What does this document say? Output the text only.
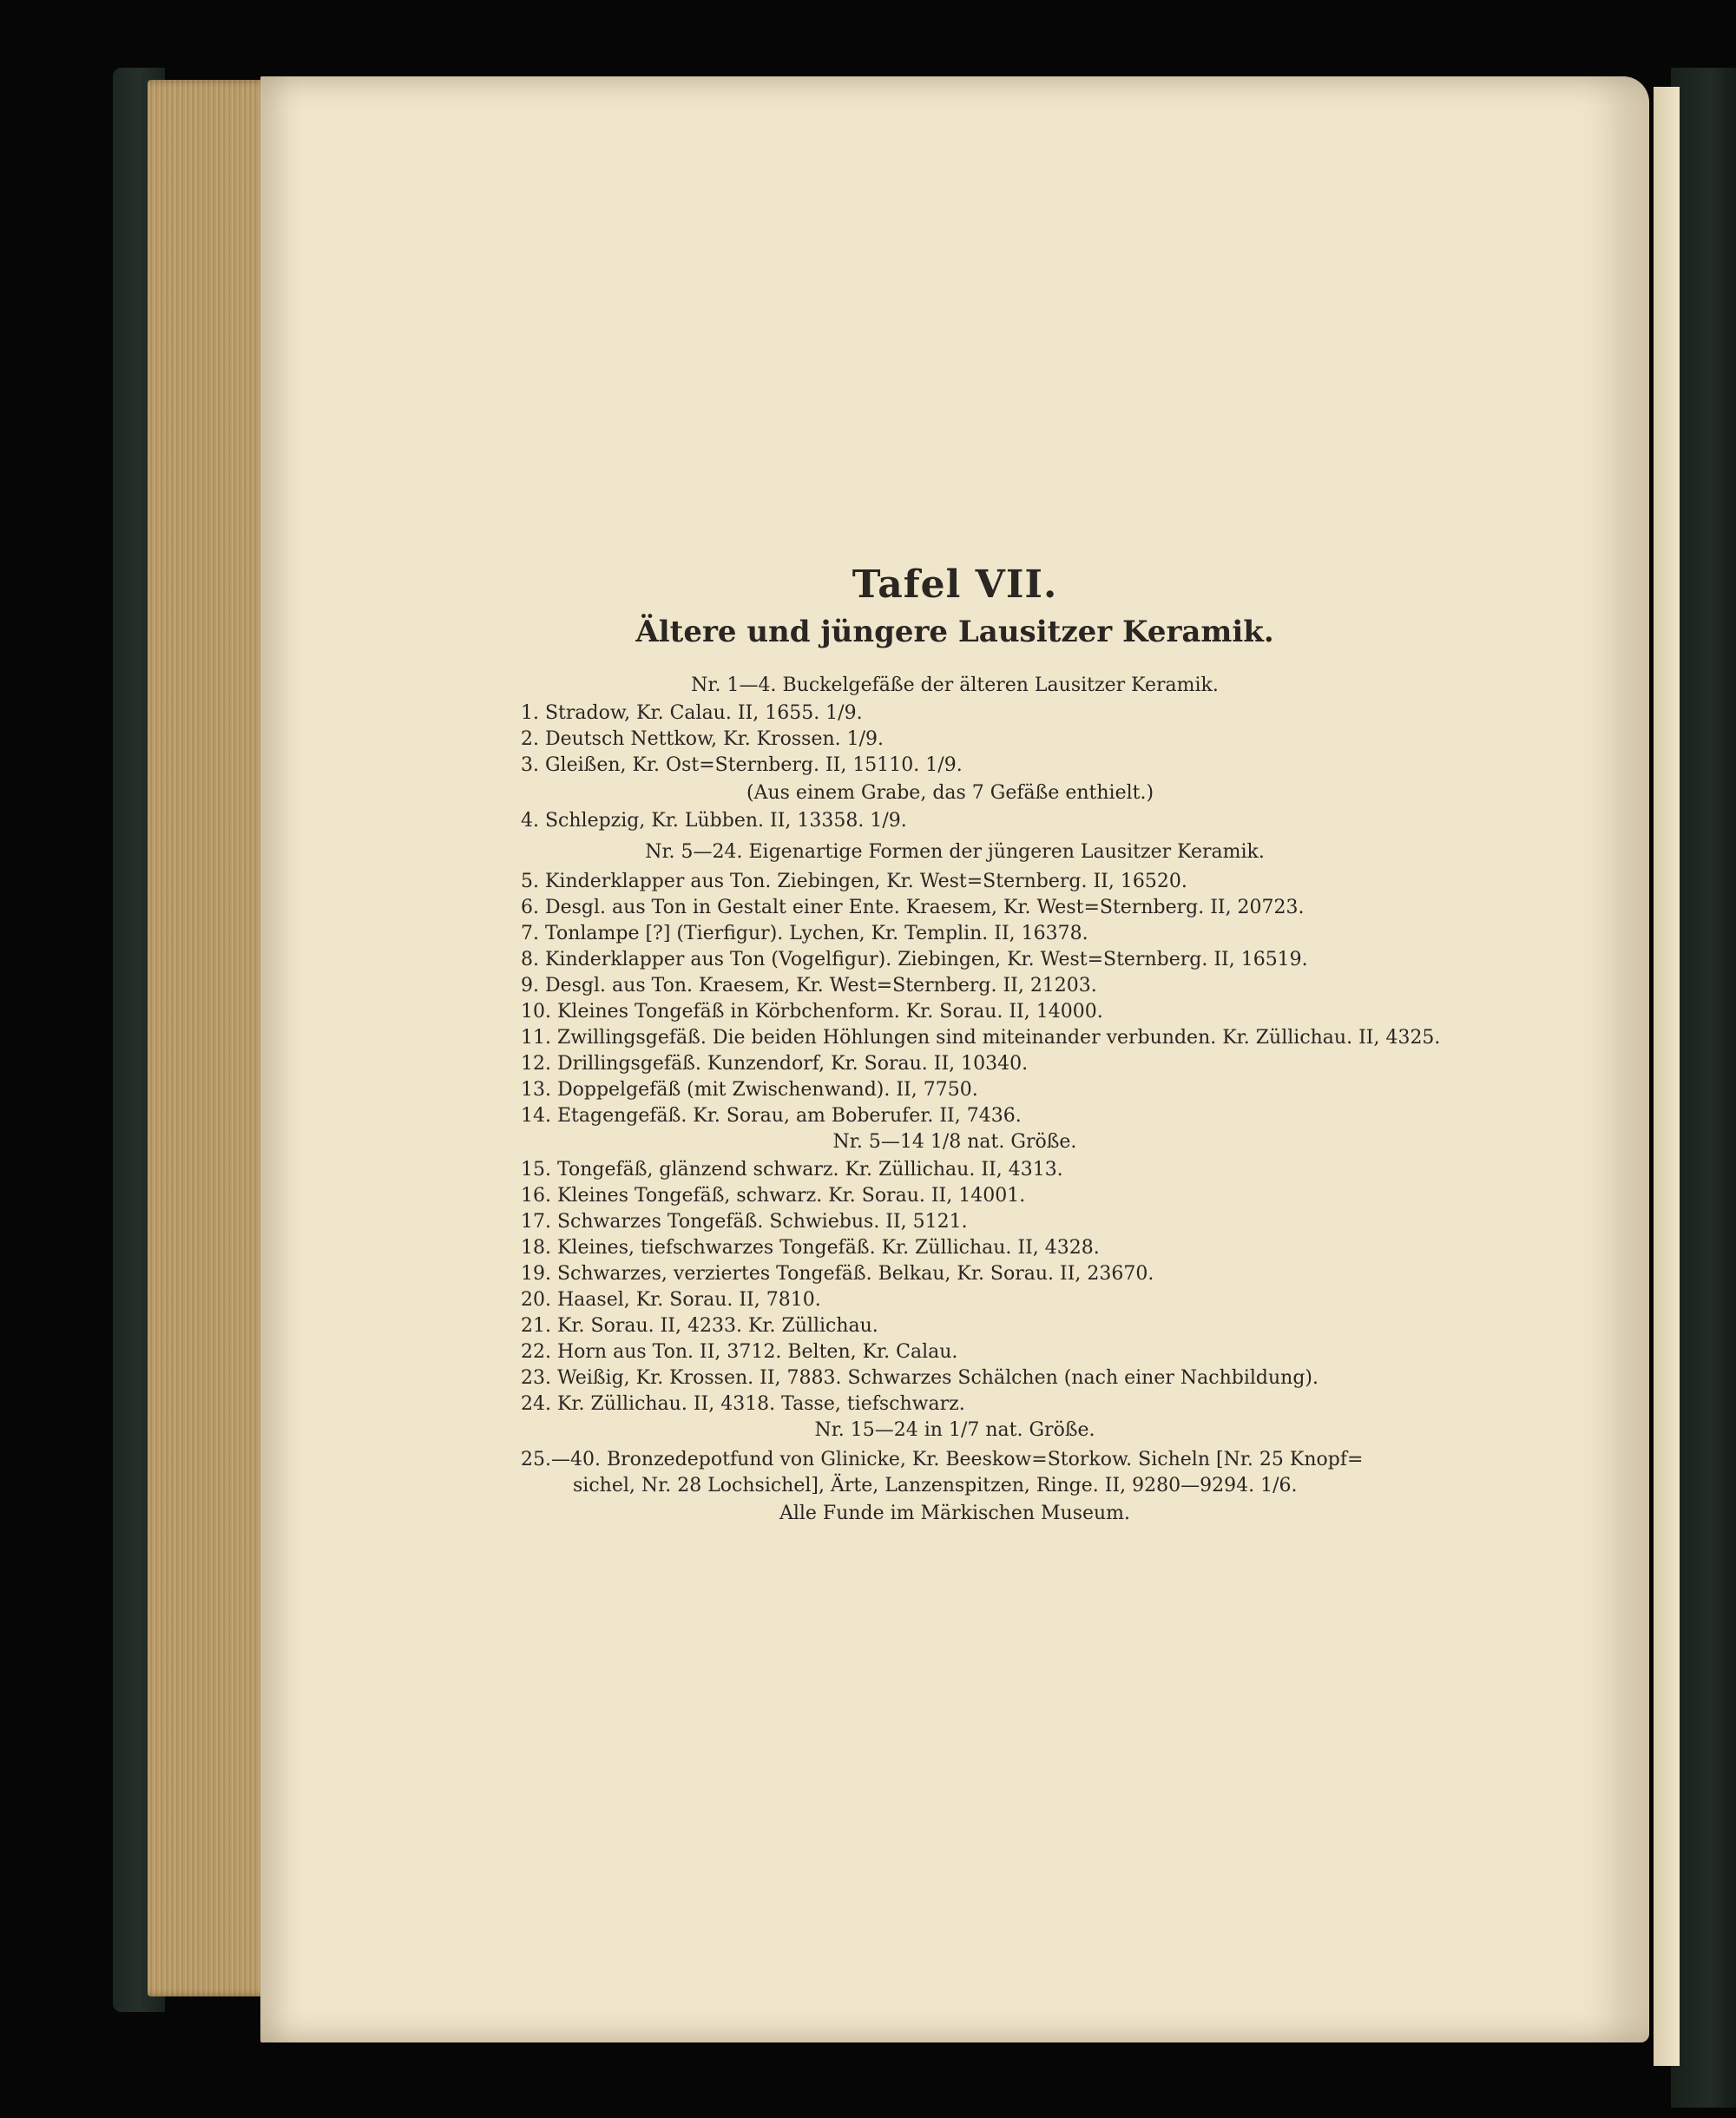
Tafel VII.
Ältere und jüngere Lausitzer Keramik.
Nr. 1—4. Buckelgefäße der älteren Lausitzer Keramik.
1. Stradow, Kr. Calau. II, 1655. 1/9.
2. Deutsch Nettkow, Kr. Krossen. 1/9.
3. Gleißen, Kr. Ost=Sternberg. II, 15110. 1/9.
(Aus einem Grabe, das 7 Gefäße enthielt.)
4. Schlepzig, Kr. Lübben. II, 13358. 1/9.
Nr. 5—24. Eigenartige Formen der jüngeren Lausitzer Keramik.
5. Kinderklapper aus Ton. Ziebingen, Kr. West=Sternberg. II, 16520.
6. Desgl. aus Ton in Gestalt einer Ente. Kraesem, Kr. West=Sternberg. II, 20723.
7. Tonlampe [?] (Tierfigur). Lychen, Kr. Templin. II, 16378.
8. Kinderklapper aus Ton (Vogelfigur). Ziebingen, Kr. West=Sternberg. II, 16519.
9. Desgl. aus Ton. Kraesem, Kr. West=Sternberg. II, 21203.
10. Kleines Tongefäß in Körbchenform. Kr. Sorau. II, 14000.
11. Zwillingsgefäß. Die beiden Höhlungen sind miteinander verbunden. Kr. Züllichau. II, 4325.
12. Drillingsgefäß. Kunzendorf, Kr. Sorau. II, 10340.
13. Doppelgefäß (mit Zwischenwand). II, 7750.
14. Etagengefäß. Kr. Sorau, am Boberufer. II, 7436.
Nr. 5—14 1/8 nat. Größe.
15. Tongefäß, glänzend schwarz. Kr. Züllichau. II, 4313.
16. Kleines Tongefäß, schwarz. Kr. Sorau. II, 14001.
17. Schwarzes Tongefäß. Schwiebus. II, 5121.
18. Kleines, tiefschwarzes Tongefäß. Kr. Züllichau. II, 4328.
19. Schwarzes, verziertes Tongefäß. Belkau, Kr. Sorau. II, 23670.
20. Haasel, Kr. Sorau. II, 7810.
21. Kr. Sorau. II, 4233. Kr. Züllichau.
22. Horn aus Ton. II, 3712. Belten, Kr. Calau.
23. Weißig, Kr. Krossen. II, 7883. Schwarzes Schälchen (nach einer Nachbildung).
24. Kr. Züllichau. II, 4318. Tasse, tiefschwarz.
Nr. 15—24 in 1/7 nat. Größe.
25.—40. Bronzedepotfund von Glinicke, Kr. Beeskow=Storkow. Sicheln [Nr. 25 Knopf=
sichel, Nr. 28 Lochsichel], Ärte, Lanzenspitzen, Ringe. II, 9280—9294. 1/6.
Alle Funde im Märkischen Museum.
